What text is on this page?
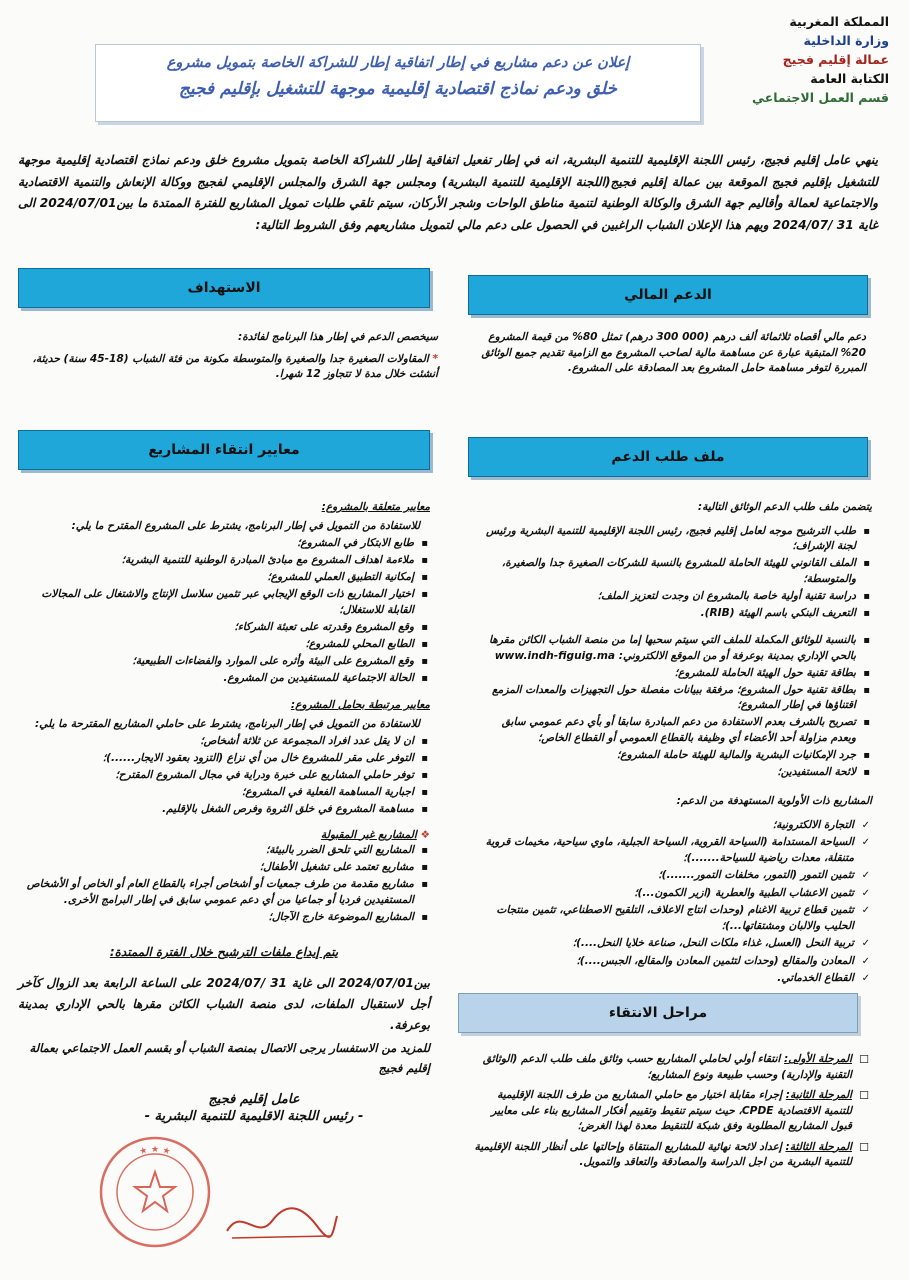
المملكة المغربية
وزارة الداخلية
عمالة إقليم فجيج
الكتابة العامة
قسم العمل الاجتماعي
إعلان عن دعم مشاريع في إطار اتفاقية إطار للشراكة الخاصة بتمويل مشروع
خلق ودعم نماذج اقتصادية إقليمية موجهة للتشغيل بإقليم فجيج
ينهي عامل إقليم فجيج، رئيس اللجنة الإقليمية للتنمية البشرية، انه في إطار تفعيل اتفاقية إطار للشراكة الخاصة بتمويل مشروع خلق ودعم نماذج اقتصادية إقليمية موجهة للتشغيل بإقليم فجيج الموقعة بين عمالة إقليم فجيج(اللجنة الإقليمية للتنمية البشرية) ومجلس جهة الشرق والمجلس الإقليمي لفجيج ووكالة الإنعاش والتنمية الاقتصادية والاجتماعية لعمالة وأقاليم جهة الشرق والوكالة الوطنية لتنمية مناطق الواحات وشجر الأركان، سيتم تلقي طلبات تمويل المشاريع للفترة الممتدة ما بين2024/07/01 الى غاية 31 /2024/07 ويهم هذا الإعلان الشباب الراغبين في الحصول على دعم مالي لتمويل مشاريعهم وفق الشروط التالية:
الدعم المالي
دعم مالي أقصاه ثلاثمائة ألف درهم (000 300 درهم) تمثل 80% من قيمة المشروع 20% المتبقية عبارة عن مساهمة مالية لصاحب المشروع مع الزامية تقديم جميع الوثائق المبررة لتوفر مساهمة حامل المشروع بعد المصادقة على المشروع.
الاستهداف
سيخصص الدعم في إطار هذا البرنامج لفائدة:
* المقاولات الصغيرة جدا والصغيرة والمتوسطة مكونة من فئة الشباب (18-45 سنة) حديثة، أنشئت خلال مدة لا تتجاوز 12 شهرا.
معايير انتقاء المشاريع	ملف طلب الدعم
معايير متعلقة بالمشروع:
للاستفادة من التمويل في إطار البرنامج، يشترط على المشروع المقترح ما يلي:
▪ طابع الابتكار في المشروع؛
▪ ملاءمة اهداف المشروع مع مبادئ المبادرة الوطنية للتنمية البشرية؛
▪ إمكانية التطبيق العملي للمشروع؛
▪ اختيار المشاريع ذات الوقع الإيجابي عبر تثمين سلاسل الإنتاج والاشتغال على المجالات القابلة للاستغلال؛
▪ وقع المشروع وقدرته على تعبئة الشركاء؛
▪ الطابع المحلي للمشروع؛
▪ وقع المشروع على البيئة وأثره على الموارد والفضاءات الطبيعية؛
▪ الحالة الاجتماعية للمستفيدين من المشروع.
معايير مرتبطة بحامل المشروع:
للاستفادة من التمويل في إطار البرنامج، يشترط على حاملي المشاريع المقترحة ما يلي:
▪ ان لا يقل عدد افراد المجموعة عن ثلاثة أشخاص؛
▪ التوفر على مقر للمشروع خال من أي نزاع (التزود بعقود الايجار......)؛
▪ توفر حاملي المشاريع على خبرة ودراية في مجال المشروع المقترح؛
▪ اجبارية المساهمة الفعلية في المشروع؛
▪ مساهمة المشروع في خلق الثروة وفرص الشغل بالإقليم.
❖ المشاريع غير المقبولة
▪ المشاريع التي تلحق الضرر بالبيئة؛
▪ مشاريع تعتمد على تشغيل الأطفال؛
▪ مشاريع مقدمة من طرف جمعيات أو أشخاص أجراء بالقطاع العام أو الخاص أو الأشخاص المستفيدين فرديا أو جماعيا من أي دعم عمومي سابق في إطار البرامج الأخرى.
▪ المشاريع الموضوعة خارج الآجال؛
يتم إيداع ملفات الترشيح خلال الفترة الممتدة:
بين2024/07/01 الى غاية 31 /2024/07 على الساعة الرابعة بعد الزوال كآخر أجل لاستقبال الملفات، لدى منصة الشباب الكائن مقرها بالحي الإداري بمدينة بوعرفة.
للمزيد من الاستفسار يرجى الاتصال بمنصة الشباب أو بقسم العمل الاجتماعي بعمالة إقليم فجيج
عامل إقليم فجيج
- رئيس اللجنة الاقليمية للتنمية البشرية -
★ ★ ★
يتضمن ملف طلب الدعم الوثائق التالية:
▪ طلب الترشيح موجه لعامل إقليم فجيج، رئيس اللجنة الإقليمية للتنمية البشرية ورئيس لجنة الإشراف؛
▪ الملف القانوني للهيئة الحاملة للمشروع بالنسبة للشركات الصغيرة جدا والصغيرة، والمتوسطة؛
▪ دراسة تقنية أولية خاصة بالمشروع ان وجدت لتعزيز الملف؛
▪ التعريف البنكي باسم الهيئة (RIB).
▪ بالنسبة للوثائق المكملة للملف التي سيتم سحبها إما من منصة الشباب الكائن مقرها بالحي الإداري بمدينة بوعرفة أو من الموقع الالكتروني: www.indh-figuig.ma
▪ بطاقة تقنية حول الهيئة الحاملة للمشروع؛
▪ بطاقة تقنية حول المشروع؛ مرفقة ببيانات مفصلة حول التجهيزات والمعدات المزمع اقتناؤها في إطار المشروع؛
▪ تصريح بالشرف بعدم الاستفادة من دعم المبادرة سابقا أو بأي دعم عمومي سابق وبعدم مزاولة أحد الأعضاء أي وظيفة بالقطاع العمومي أو القطاع الخاص؛
▪ جرد الإمكانيات البشرية والمالية للهيئة حاملة المشروع؛
▪ لائحة المستفيدين؛
المشاريع ذات الأولوية المستهدفة من الدعم:
✓ التجارة الالكترونية؛
✓ السياحة المستدامة (السياحة القروية، السياحة الجبلية، ماوي سياحية، مخيمات قروية متنقلة، معدات رياضية للسياحة.......)؛
✓ تثمين التمور (التمور، مخلفات التمور.......)؛
✓ تثمين الاعشاب الطبية والعطرية (ازير الكمون...)؛
✓ تثمين قطاع تربية الاغنام (وحدات انتاج الاعلاف، التلقيح الاصطناعي، تثمين منتجات الحليب والالبان ومشتقاتها...)؛
✓ تربية النحل (العسل، غذاء ملكات النحل، صناعة خلايا النحل....)؛
✓ المعادن والمقالع (وحدات لتثمين المعادن والمقالع، الجبس....)؛
✓ القطاع الخدماتي.
مراحل الانتقاء
☐ المرحلة الأولى: انتقاء أولي لحاملي المشاريع حسب وثائق ملف طلب الدعم (الوثائق التقنية والإدارية) وحسب طبيعة ونوع المشاريع؛
☐ المرحلة الثانية: إجراء مقابلة اختيار مع حاملي المشاريع من طرف اللجنة الإقليمية للتنمية الاقتصادية CPDE، حيث سيتم تنقيط وتقييم أفكار المشاريع بناء على معايير قبول المشاريع المطلوبة وفق شبكة للتنقيط معدة لهذا الغرض؛
☐ المرحلة الثالثة: إعداد لائحة نهائية للمشاريع المنتقاة وإحالتها على أنظار اللجنة الإقليمية للتنمية البشرية من اجل الدراسة والمصادقة والتعاقد والتمويل.
